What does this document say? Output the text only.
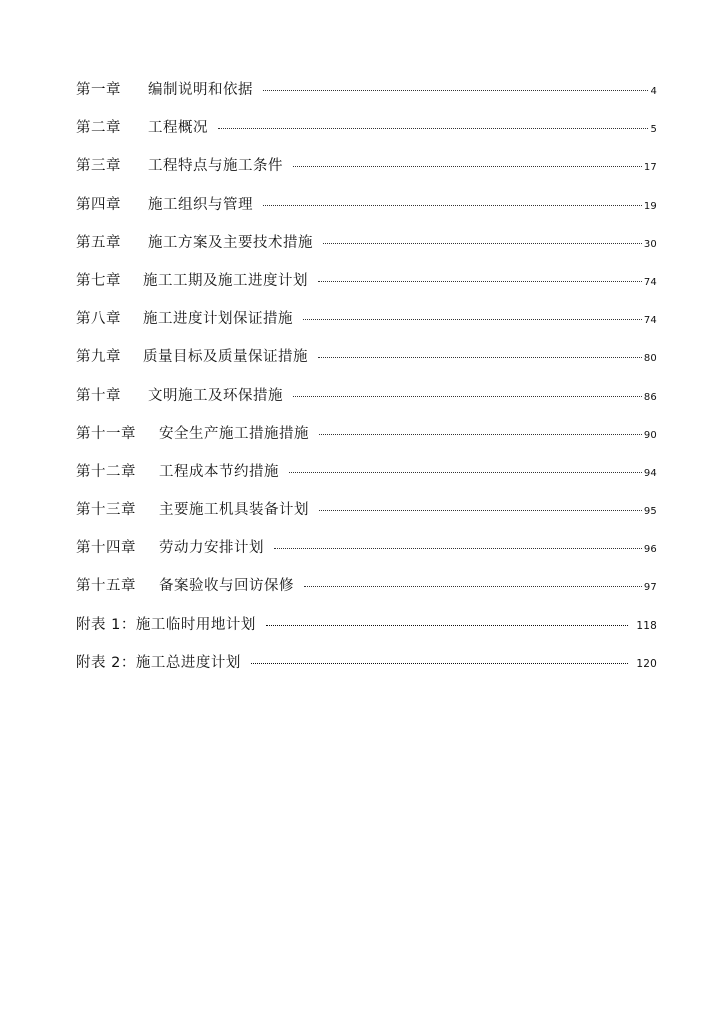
第一章 编制说明和依据	4
第二章 工程概况	5
第三章 工程特点与施工条件	17
第四章 施工组织与管理	19
第五章 施工方案及主要技术措施	30
第七章 施工工期及施工进度计划	74
第八章 施工进度计划保证措施	74
第九章 质量目标及质量保证措施	80
第十章 文明施工及环保措施	86
第十一章 安全生产施工措施措施	90
第十二章 工程成本节约措施	94
第十三章 主要施工机具装备计划	95
第十四章 劳动力安排计划	96
第十五章 备案验收与回访保修	97
附表 1： 施工临时用地计划	118
附表 2： 施工总进度计划	120
